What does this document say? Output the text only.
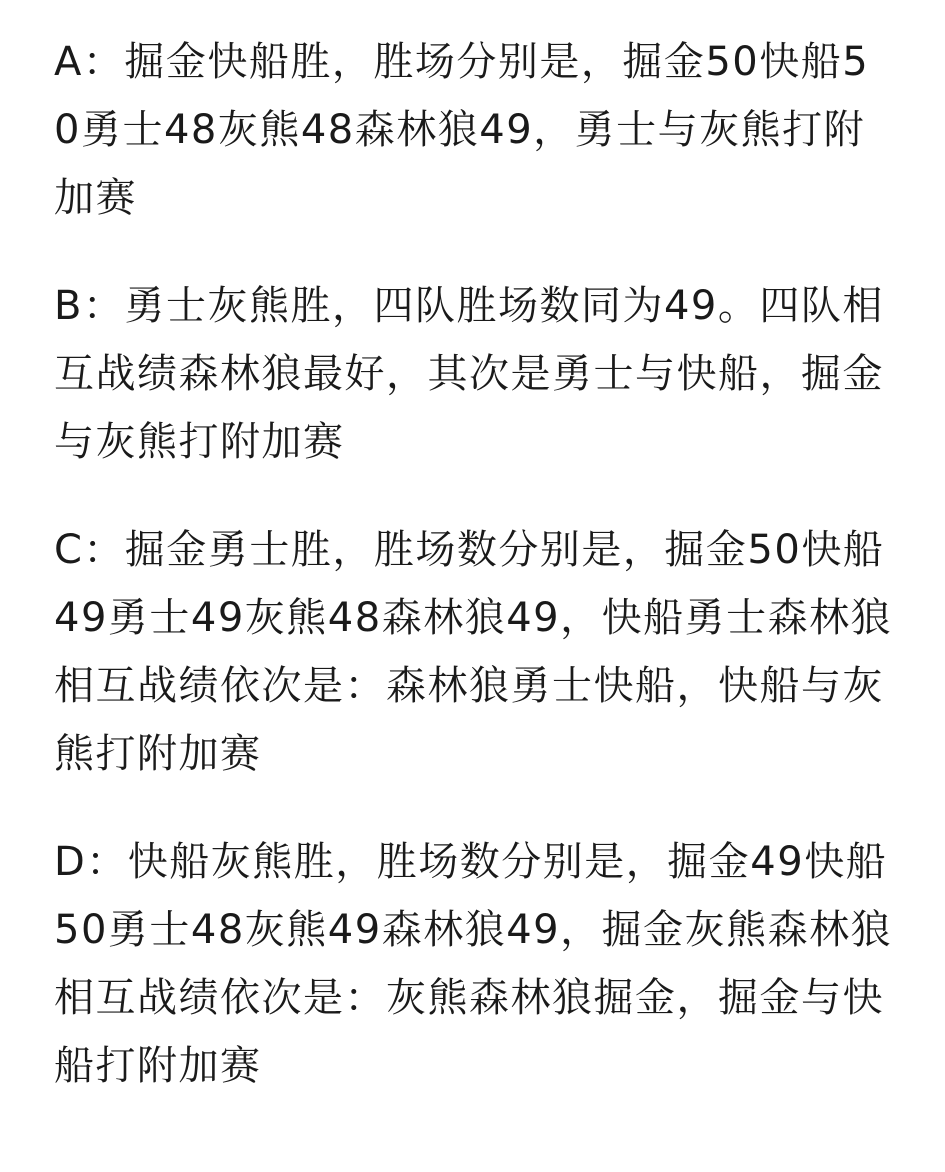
A：掘金快船胜，胜场分别是，掘金50快船50勇士48灰熊48森林狼49，勇士与灰熊打附加赛

B：勇士灰熊胜，四队胜场数同为49。四队相互战绩森林狼最好，其次是勇士与快船，掘金与灰熊打附加赛

C：掘金勇士胜，胜场数分别是，掘金50快船49勇士49灰熊48森林狼49，快船勇士森林狼相互战绩依次是：森林狼勇士快船，快船与灰熊打附加赛

D：快船灰熊胜，胜场数分别是，掘金49快船50勇士48灰熊49森林狼49，掘金灰熊森林狼相互战绩依次是：灰熊森林狼掘金，掘金与快船打附加赛
